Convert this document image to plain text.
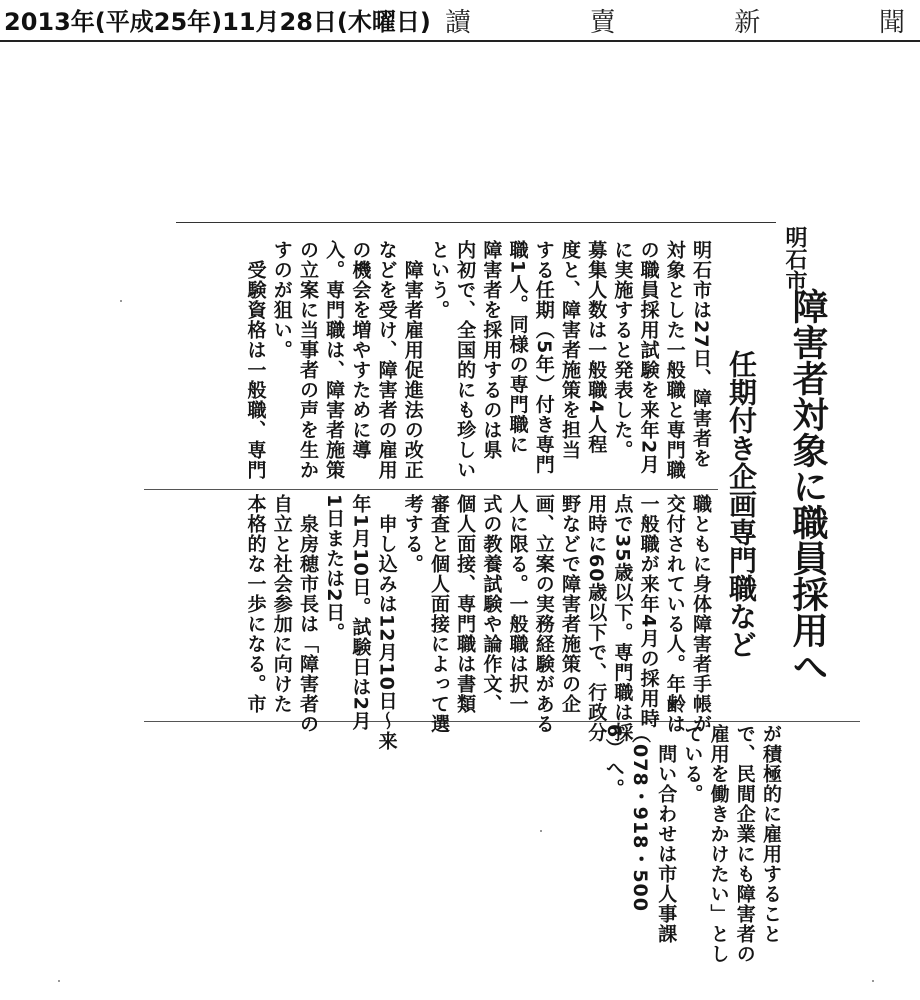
2013年(平成25年)11月28日(木曜日) 讀	賣	新	聞
明石市
障害者対象に職員採用へ
任期付き企画専門職など
明石市は27日、障害者を
対象とした一般職と専門職
の職員採用試験を来年2月
に実施すると発表した。
募集人数は一般職4人程
度と、障害者施策を担当
する任期（5年）付き専門
職1人。同様の専門職に
障害者を採用するのは県
内初で、全国的にも珍しい
という。
　障害者雇用促進法の改正
などを受け、障害者の雇用
の機会を増やすために導
入。専門職は、障害者施策
の立案に当事者の声を生か
すのが狙い。
　受験資格は一般職、専門
職ともに身体障害者手帳が
交付されている人。年齢は
一般職が来年4月の採用時
点で35歳以下。専門職は採
用時に60歳以下で、行政分
野などで障害者施策の企
画、立案の実務経験がある
人に限る。一般職は択一
式の教養試験や論作文、
個人面接、専門職は書類
審査と個人面接によって選
考する。
　申し込みは12月10日～来
年1月10日。試験日は2月
1日または2日。
　泉房穂市長は「障害者の
自立と社会参加に向けた
本格的な一歩になる。市
が積極的に雇用すること
で、民間企業にも障害者の
雇用を働きかけたい」とし
ている。
　問い合わせは市人事課
（078・918・500
6）へ。
